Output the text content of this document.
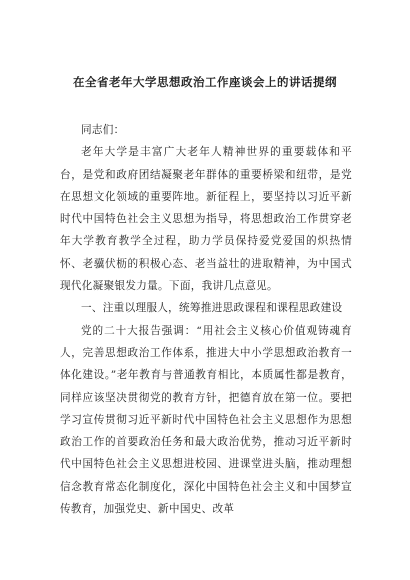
在全省老年大学思想政治工作座谈会上的讲话提纲

同志们：

老年大学是丰富广大老年人精神世界的重要载体和平台，是党和政府团结凝聚老年群体的重要桥梁和纽带，是党在思想文化领域的重要阵地。新征程上，要坚持以习近平新时代中国特色社会主义思想为指导，将思想政治工作贯穿老年大学教育教学全过程，助力学员保持爱党爱国的炽热情怀、老骥伏枥的积极心态、老当益壮的进取精神，为中国式现代化凝聚银发力量。下面，我讲几点意见。

一、注重以理服人，统筹推进思政课程和课程思政建设

党的二十大报告强调：“用社会主义核心价值观铸魂育人，完善思想政治工作体系，推进大中小学思想政治教育一体化建设。”老年教育与普通教育相比，本质属性都是教育，同样应该坚决贯彻党的教育方针，把德育放在第一位。要把学习宣传贯彻习近平新时代中国特色社会主义思想作为思想政治工作的首要政治任务和最大政治优势，推动习近平新时代中国特色社会主义思想进校园、进课堂进头脑，推动理想信念教育常态化制度化，深化中国特色社会主义和中国梦宣传教育，加强党史、新中国史、改革
